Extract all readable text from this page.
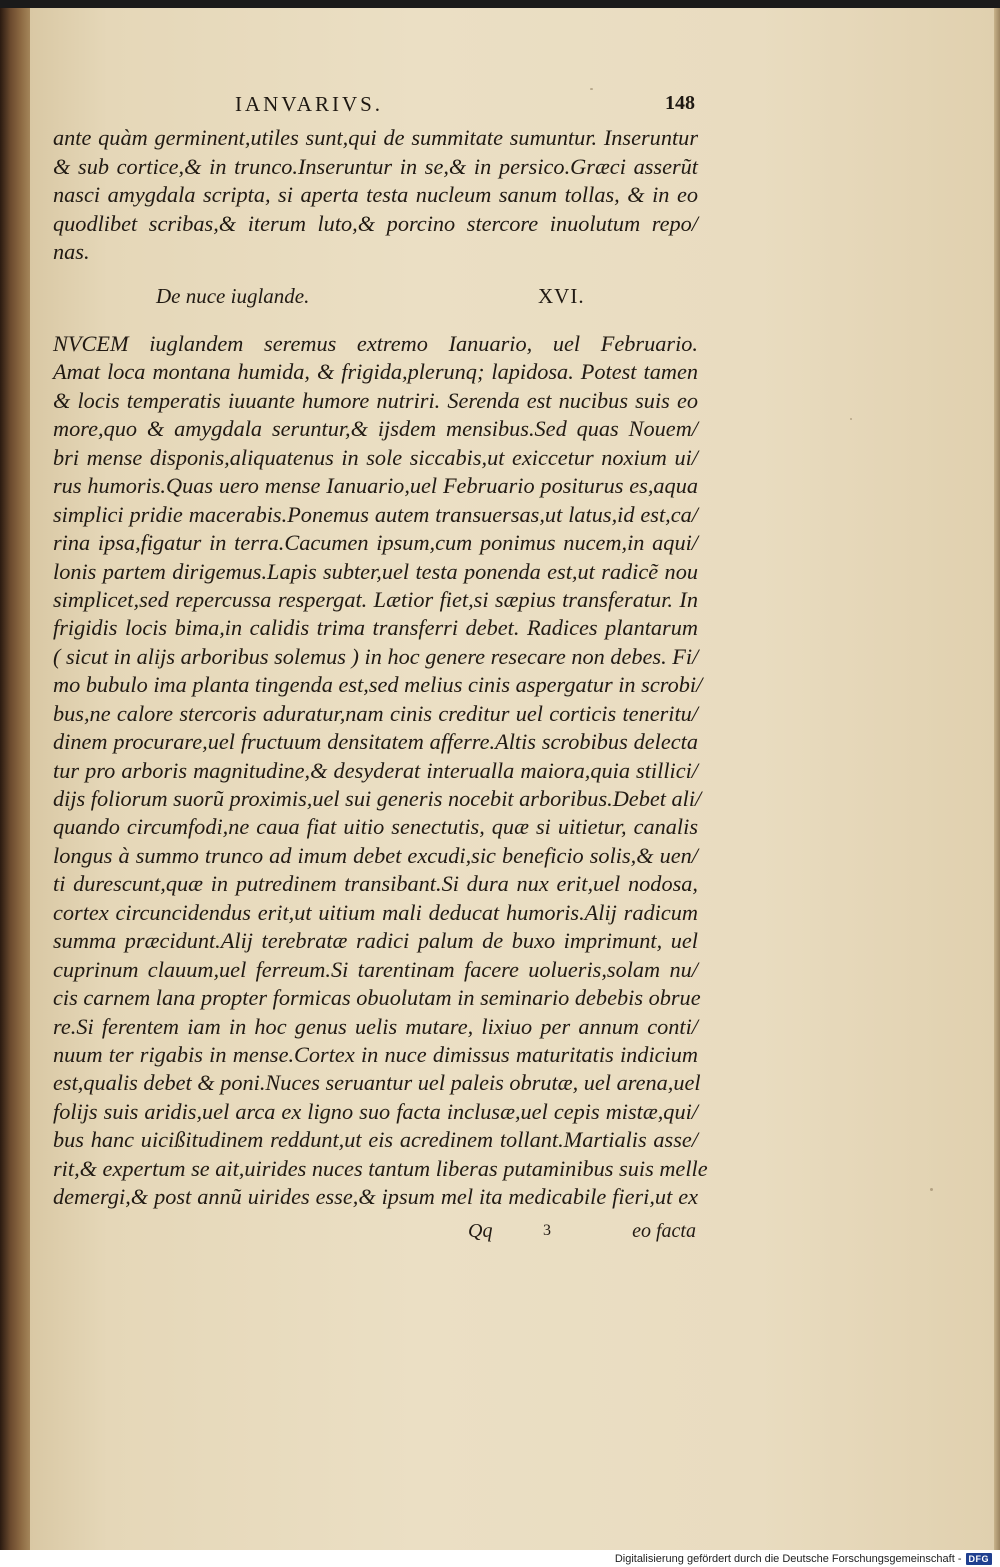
IANVARIVS.	148
ante quàm germinent,utiles sunt,qui de summitate sumuntur. Inseruntur
& sub cortice,& in trunco.Inseruntur in se,& in persico.Græci asserũt
nasci amygdala scripta, si aperta testa nucleum sanum tollas, & in eo
quodlibet scribas,& iterum luto,& porcino stercore inuolutum repo/
nas.
De nuce iuglande.	XVI.
NVCEM iuglandem seremus extremo Ianuario, uel Februario.
Amat loca montana humida, & frigida,plerunq; lapidosa. Potest tamen
& locis temperatis iuuante humore nutriri. Serenda est nucibus suis eo
more,quo & amygdala seruntur,& ijsdem mensibus.Sed quas Nouem/
bri mense disponis,aliquatenus in sole siccabis,ut exiccetur noxium ui/
rus humoris.Quas uero mense Ianuario,uel Februario positurus es,aqua
simplici pridie macerabis.Ponemus autem transuersas,ut latus,id est,ca/
rina ipsa,figatur in terra.Cacumen ipsum,cum ponimus nucem,in aqui/
lonis partem dirigemus.Lapis subter,uel testa ponenda est,ut radicẽ nou
simplicet,sed repercussa respergat. Lætior fiet,si sæpius transferatur. In
frigidis locis bima,in calidis trima transferri debet. Radices plantarum
( sicut in alijs arboribus solemus ) in hoc genere resecare non debes. Fi/
mo bubulo ima planta tingenda est,sed melius cinis aspergatur in scrobi/
bus,ne calore stercoris aduratur,nam cinis creditur uel corticis teneritu/
dinem procurare,uel fructuum densitatem afferre.Altis scrobibus delecta
tur pro arboris magnitudine,& desyderat interualla maiora,quia stillici/
dijs foliorum suorũ proximis,uel sui generis nocebit arboribus.Debet ali/
quando circumfodi,ne caua fiat uitio senectutis, quæ si uitietur, canalis
longus à summo trunco ad imum debet excudi,sic beneficio solis,& uen/
ti durescunt,quæ in putredinem transibant.Si dura nux erit,uel nodosa,
cortex circuncidendus erit,ut uitium mali deducat humoris.Alij radicum
summa præcidunt.Alij terebratæ radici palum de buxo imprimunt, uel
cuprinum clauum,uel ferreum.Si tarentinam facere uolueris,solam nu/
cis carnem lana propter formicas obuolutam in seminario debebis obrue
re.Si ferentem iam in hoc genus uelis mutare, lixiuo per annum conti/
nuum ter rigabis in mense.Cortex in nuce dimissus maturitatis indicium
est,qualis debet & poni.Nuces seruantur uel paleis obrutæ, uel arena,uel
folijs suis aridis,uel arca ex ligno suo facta inclusæ,uel cepis mistæ,qui/
bus hanc uicißitudinem reddunt,ut eis acredinem tollant.Martialis asse/
rit,& expertum se ait,uirides nuces tantum liberas putaminibus suis melle
demergi,& post annũ uirides esse,& ipsum mel ita medicabile fieri,ut ex
Qq	3	eo facta
Digitalisierung gefördert durch die Deutsche Forschungsgemeinschaft - DFG
